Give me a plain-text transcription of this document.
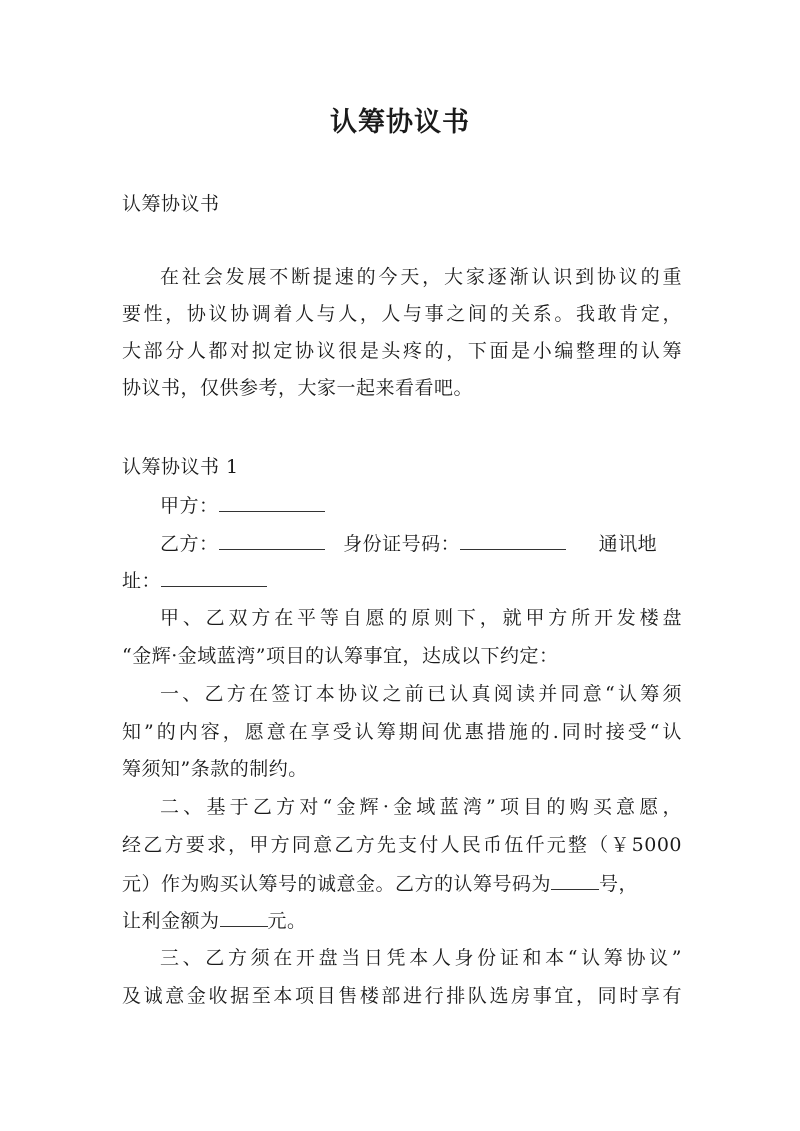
认筹协议书
认筹协议书
在社会发展不断提速的今天，大家逐渐认识到协议的重
要性，协议协调着人与人，人与事之间的关系。我敢肯定，
大部分人都对拟定协议很是头疼的，下面是小编整理的认筹
协议书，仅供参考，大家一起来看看吧。
认筹协议书 1
甲方：
乙方：	身份证号码：	通讯地
址：
甲、乙双方在平等自愿的原则下，就甲方所开发楼盘
“金辉·金域蓝湾”项目的认筹事宜，达成以下约定：
一、乙方在签订本协议之前已认真阅读并同意“认筹须
知”的内容，愿意在享受认筹期间优惠措施的.同时接受“认
筹须知”条款的制约。
二、基于乙方对“金辉·金域蓝湾”项目的购买意愿，
经乙方要求，甲方同意乙方先支付人民币伍仟元整（￥5000
元）作为购买认筹号的诚意金。乙方的认筹号码为	号，
让利金额为	元。
三、乙方须在开盘当日凭本人身份证和本“认筹协议”
及诚意金收据至本项目售楼部进行排队选房事宜，同时享有
